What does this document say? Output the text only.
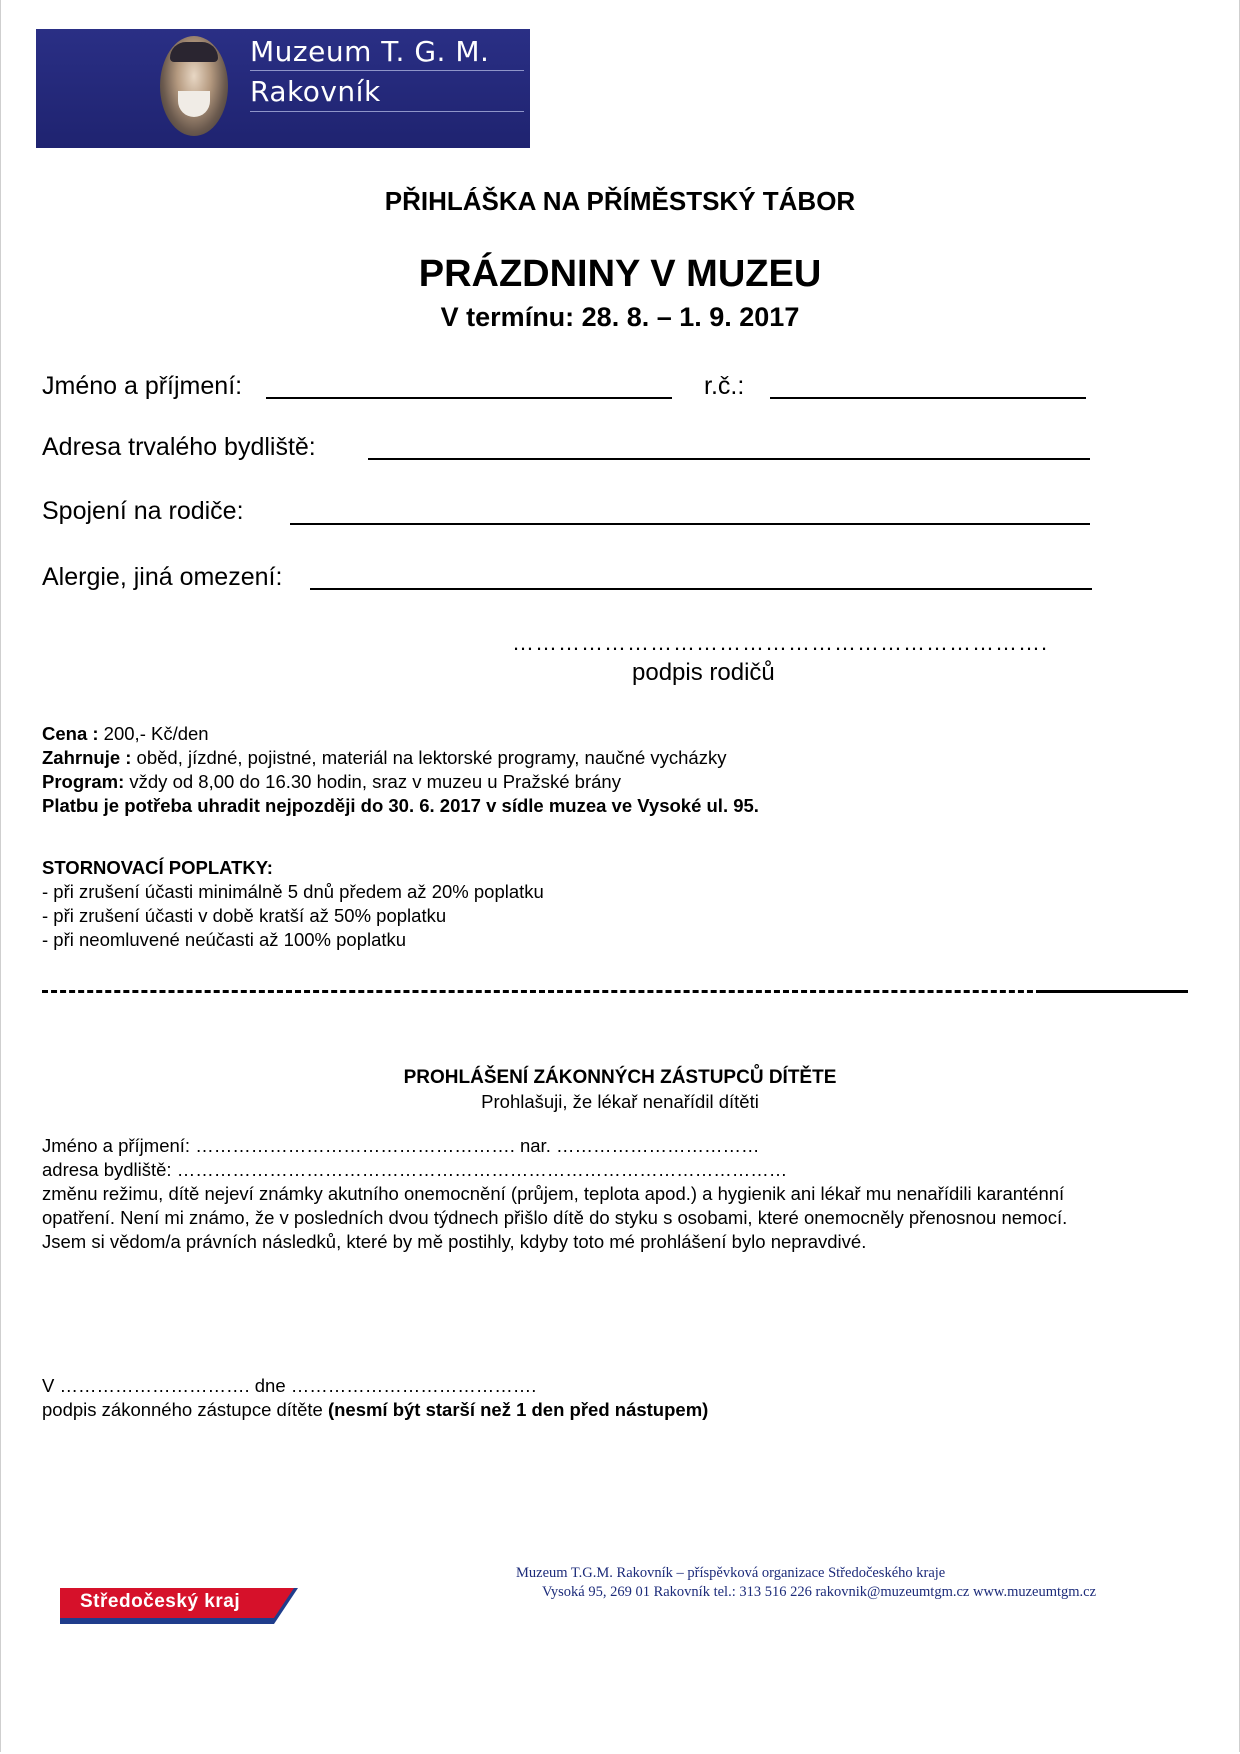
Muzeum T. G. M.
Rakovník
PŘIHLÁŠKA NA PŘÍMĚSTSKÝ TÁBOR
PRÁZDNINY V MUZEU
V termínu: 28. 8. – 1. 9. 2017
Jméno a příjmení:	r.č.:
Adresa trvalého bydliště:
Spojení na rodiče:
Alergie, jiná omezení:
…………………………………………………………….
podpis rodičů
Cena : 200,- Kč/den
Zahrnuje : oběd, jízdné, pojistné, materiál na lektorské programy, naučné vycházky
Program: vždy od 8,00 do 16.30 hodin, sraz v muzeu u Pražské brány
Platbu je potřeba uhradit nejpozději do 30. 6. 2017 v sídle muzea ve Vysoké ul. 95.
STORNOVACÍ POPLATKY:
- při zrušení účasti minimálně 5 dnů předem až 20% poplatku
- při zrušení účasti v době kratší až 50% poplatku
- při neomluvené neúčasti až 100% poplatku
PROHLÁŠENÍ ZÁKONNÝCH ZÁSTUPCŮ DÍTĚTE
Prohlašuji, že lékař nenařídil dítěti
Jméno a příjmení: ……………………………………………. nar. ……………………………
adresa bydliště: ………………………………………………………………………………………
změnu režimu, dítě nejeví známky akutního onemocnění (průjem, teplota apod.) a hygienik ani lékař mu nenařídili karanténní
opatření. Není mi známo, že v posledních dvou týdnech přišlo dítě do styku s osobami, které onemocněly přenosnou nemocí.
Jsem si vědom/a právních následků, které by mě postihly, kdyby toto mé prohlášení bylo nepravdivé.
V …………………………. dne ………………………………….
podpis zákonného zástupce dítěte (nesmí být starší než 1 den před nástupem)
Středočeský kraj
Muzeum T.G.M. Rakovník – příspěvková organizace Středočeského kraje
Vysoká 95, 269 01 Rakovník tel.: 313 516 226 rakovnik@muzeumtgm.cz www.muzeumtgm.cz
